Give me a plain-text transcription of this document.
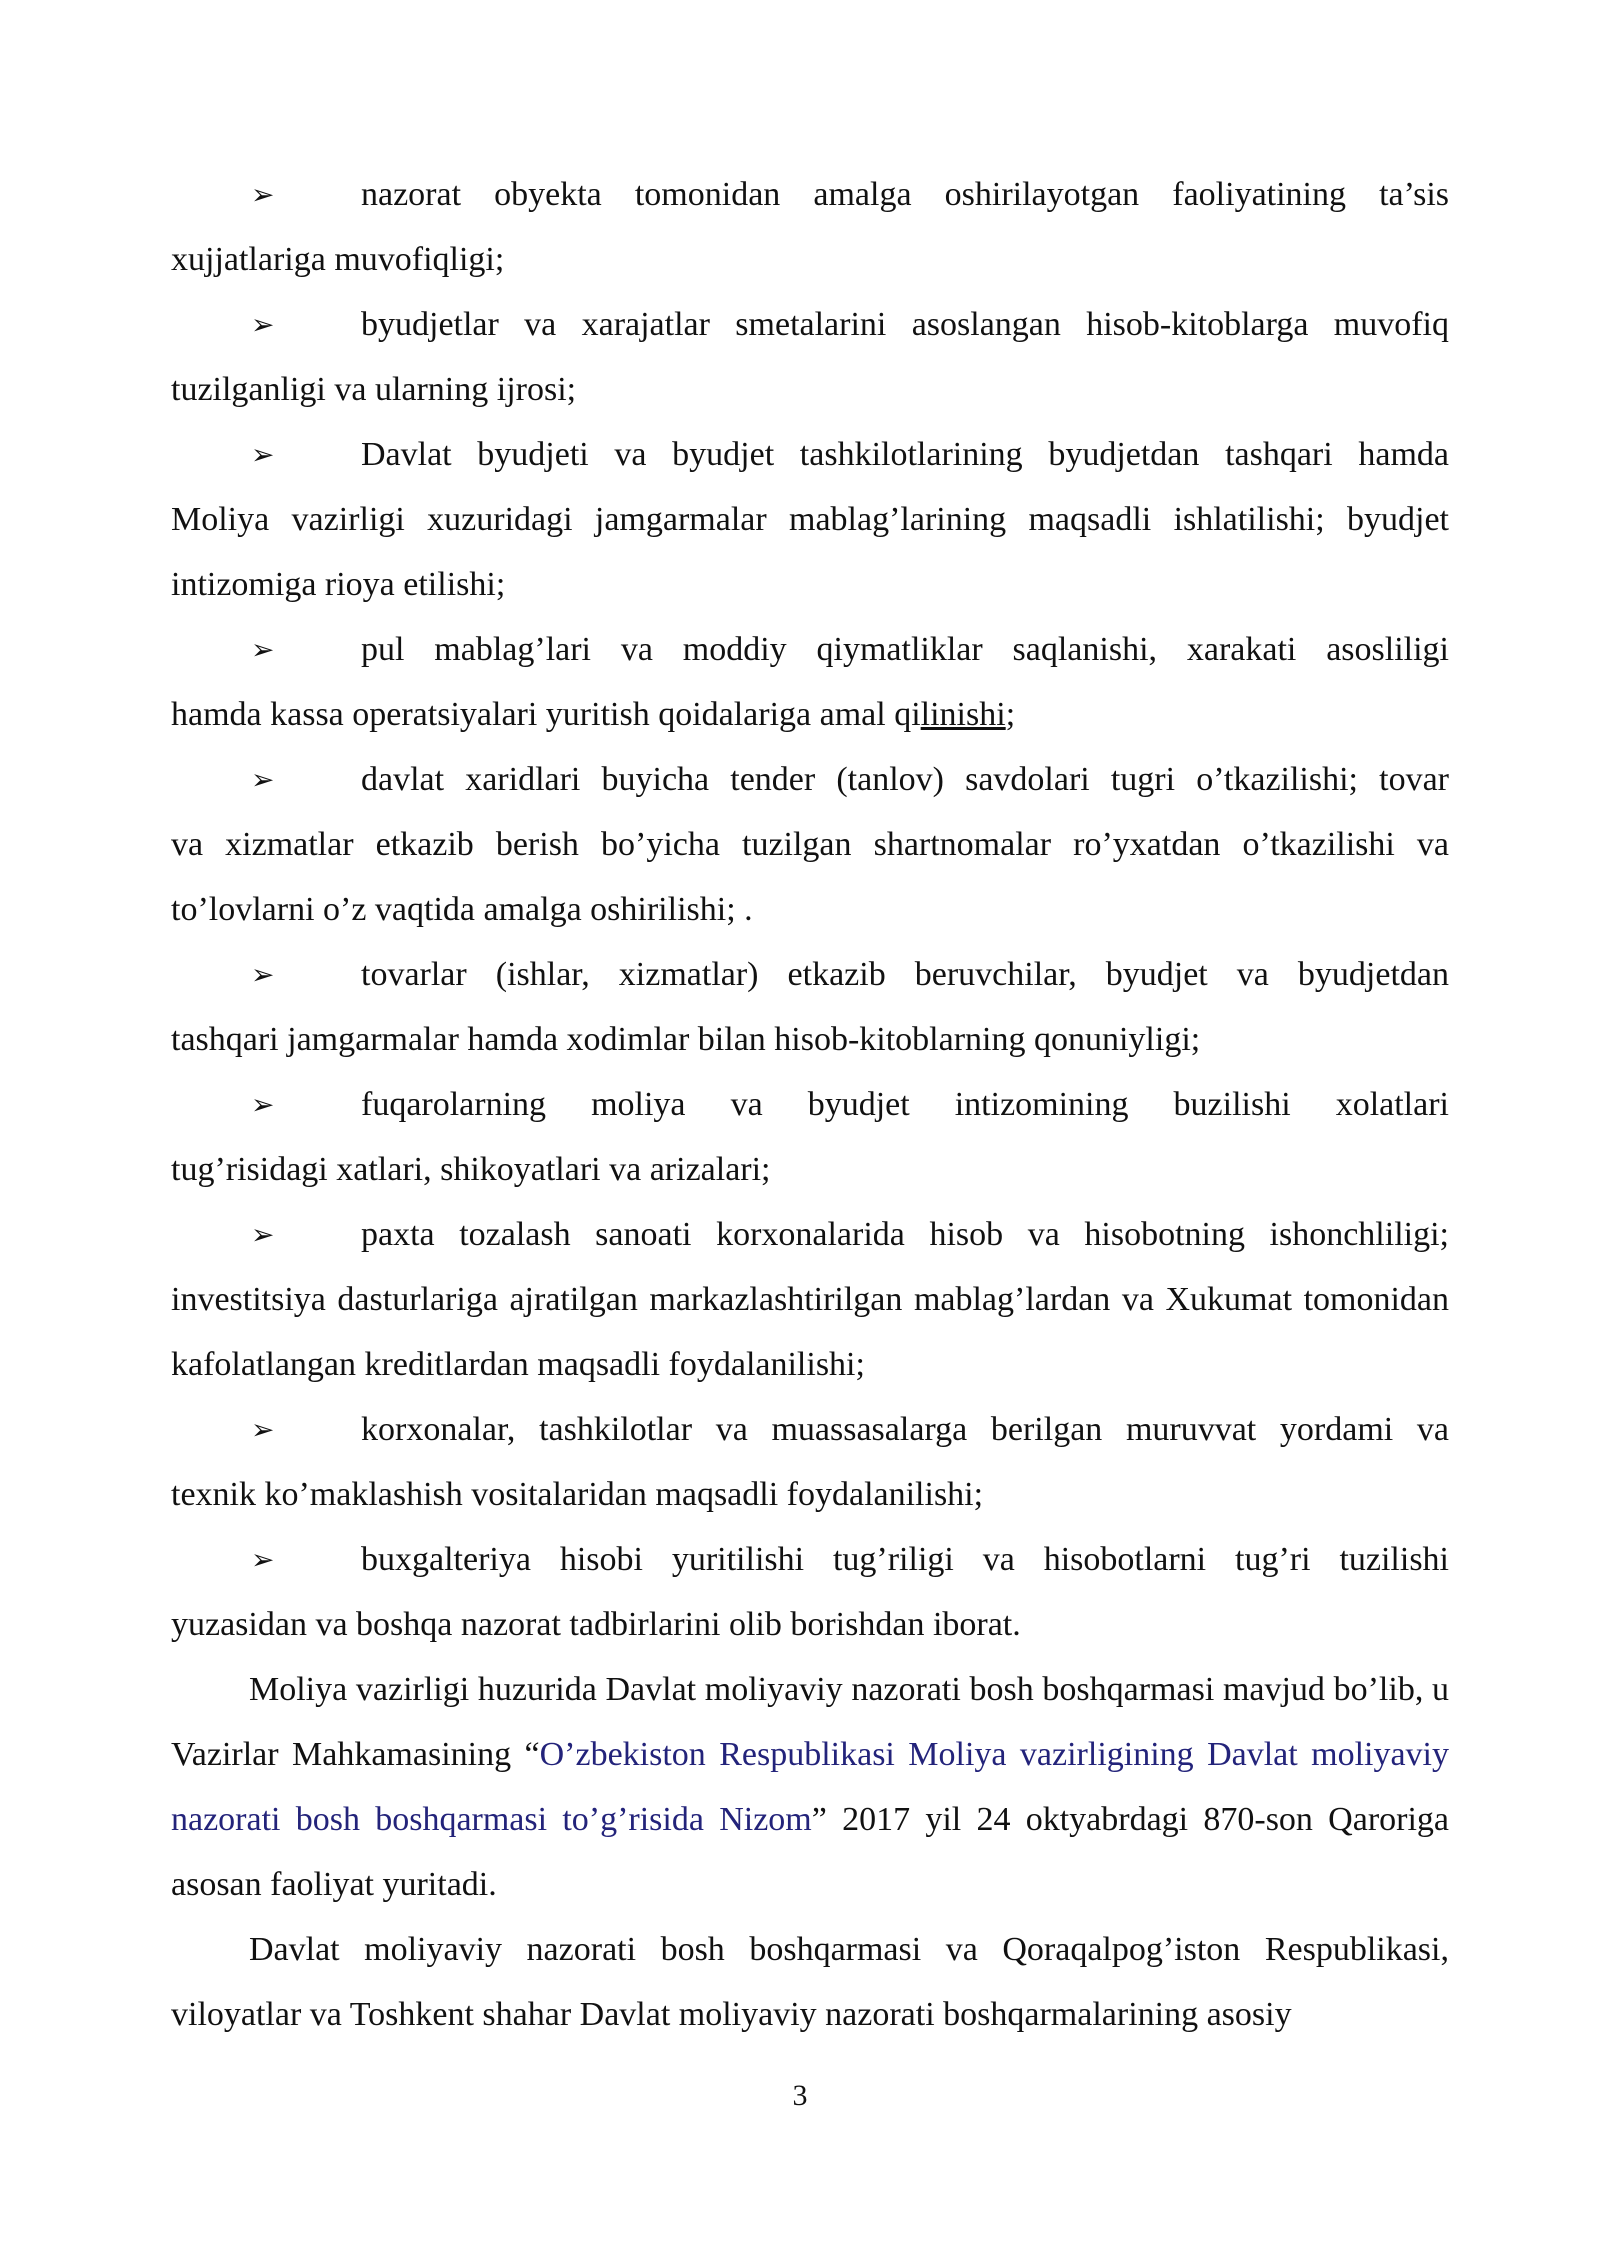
➢	nazorat obyekta tomonidan amalga oshirilayotgan faoliyatining ta’sis

xujjatlariga muvofiqligi;

➢	byudjetlar va xarajatlar smetalarini asoslangan hisob-kitoblarga muvofiq

tuzilganligi va ularning ijrosi;

➢	Davlat byudjeti va byudjet tashkilotlarining byudjetdan tashqari hamda

Moliya vazirligi xuzuridagi jamgarmalar mablag’larining maqsadli ishlatilishi; byudjet intizomiga rioya etilishi;

➢	pul mablag’lari va moddiy qiymatliklar saqlanishi, xarakati asosliligi

hamda kassa operatsiyalari yuritish qoidalariga amal qilinishi;

➢	davlat xaridlari buyicha tender (tanlov) savdolari tugri o’tkazilishi; tovar

va xizmatlar etkazib berish bo’yicha tuzilgan shartnomalar ro’yxatdan o’tkazilishi va to’lovlarni o’z vaqtida amalga oshirilishi; .

➢	tovarlar (ishlar, xizmatlar) etkazib beruvchilar, byudjet va byudjetdan

tashqari jamgarmalar hamda xodimlar bilan hisob-kitoblarning qonuniyligi;

➢	fuqarolarning moliya va byudjet intizomining buzilishi xolatlari

tug’risidagi xatlari, shikoyatlari va arizalari;

➢	paxta tozalash sanoati korxonalarida hisob va hisobotning ishonchliligi;

investitsiya dasturlariga ajratilgan markazlashtirilgan mablag’lardan va Xukumat tomonidan kafolatlangan kreditlardan maqsadli foydalanilishi;

➢	korxonalar, tashkilotlar va muassasalarga berilgan muruvvat yordami va

texnik ko’maklashish vositalaridan maqsadli foydalanilishi;

➢	buxgalteriya hisobi yuritilishi tug’riligi va hisobotlarni tug’ri tuzilishi

yuzasidan va boshqa nazorat tadbirlarini olib borishdan iborat.

Moliya vazirligi huzurida Davlat moliyaviy nazorati bosh boshqarmasi mavjud bo’lib, u Vazirlar Mahkamasining “O’zbekiston Respublikasi Moliya vazirligining Davlat moliyaviy nazorati bosh boshqarmasi to’g’risida Nizom” 2017 yil 24 oktyabrdagi 870-son Qaroriga asosan faoliyat yuritadi.

Davlat moliyaviy nazorati bosh boshqarmasi va Qoraqalpog’iston Respublikasi, viloyatlar va Toshkent shahar Davlat moliyaviy nazorati boshqarmalarining asosiy

3
